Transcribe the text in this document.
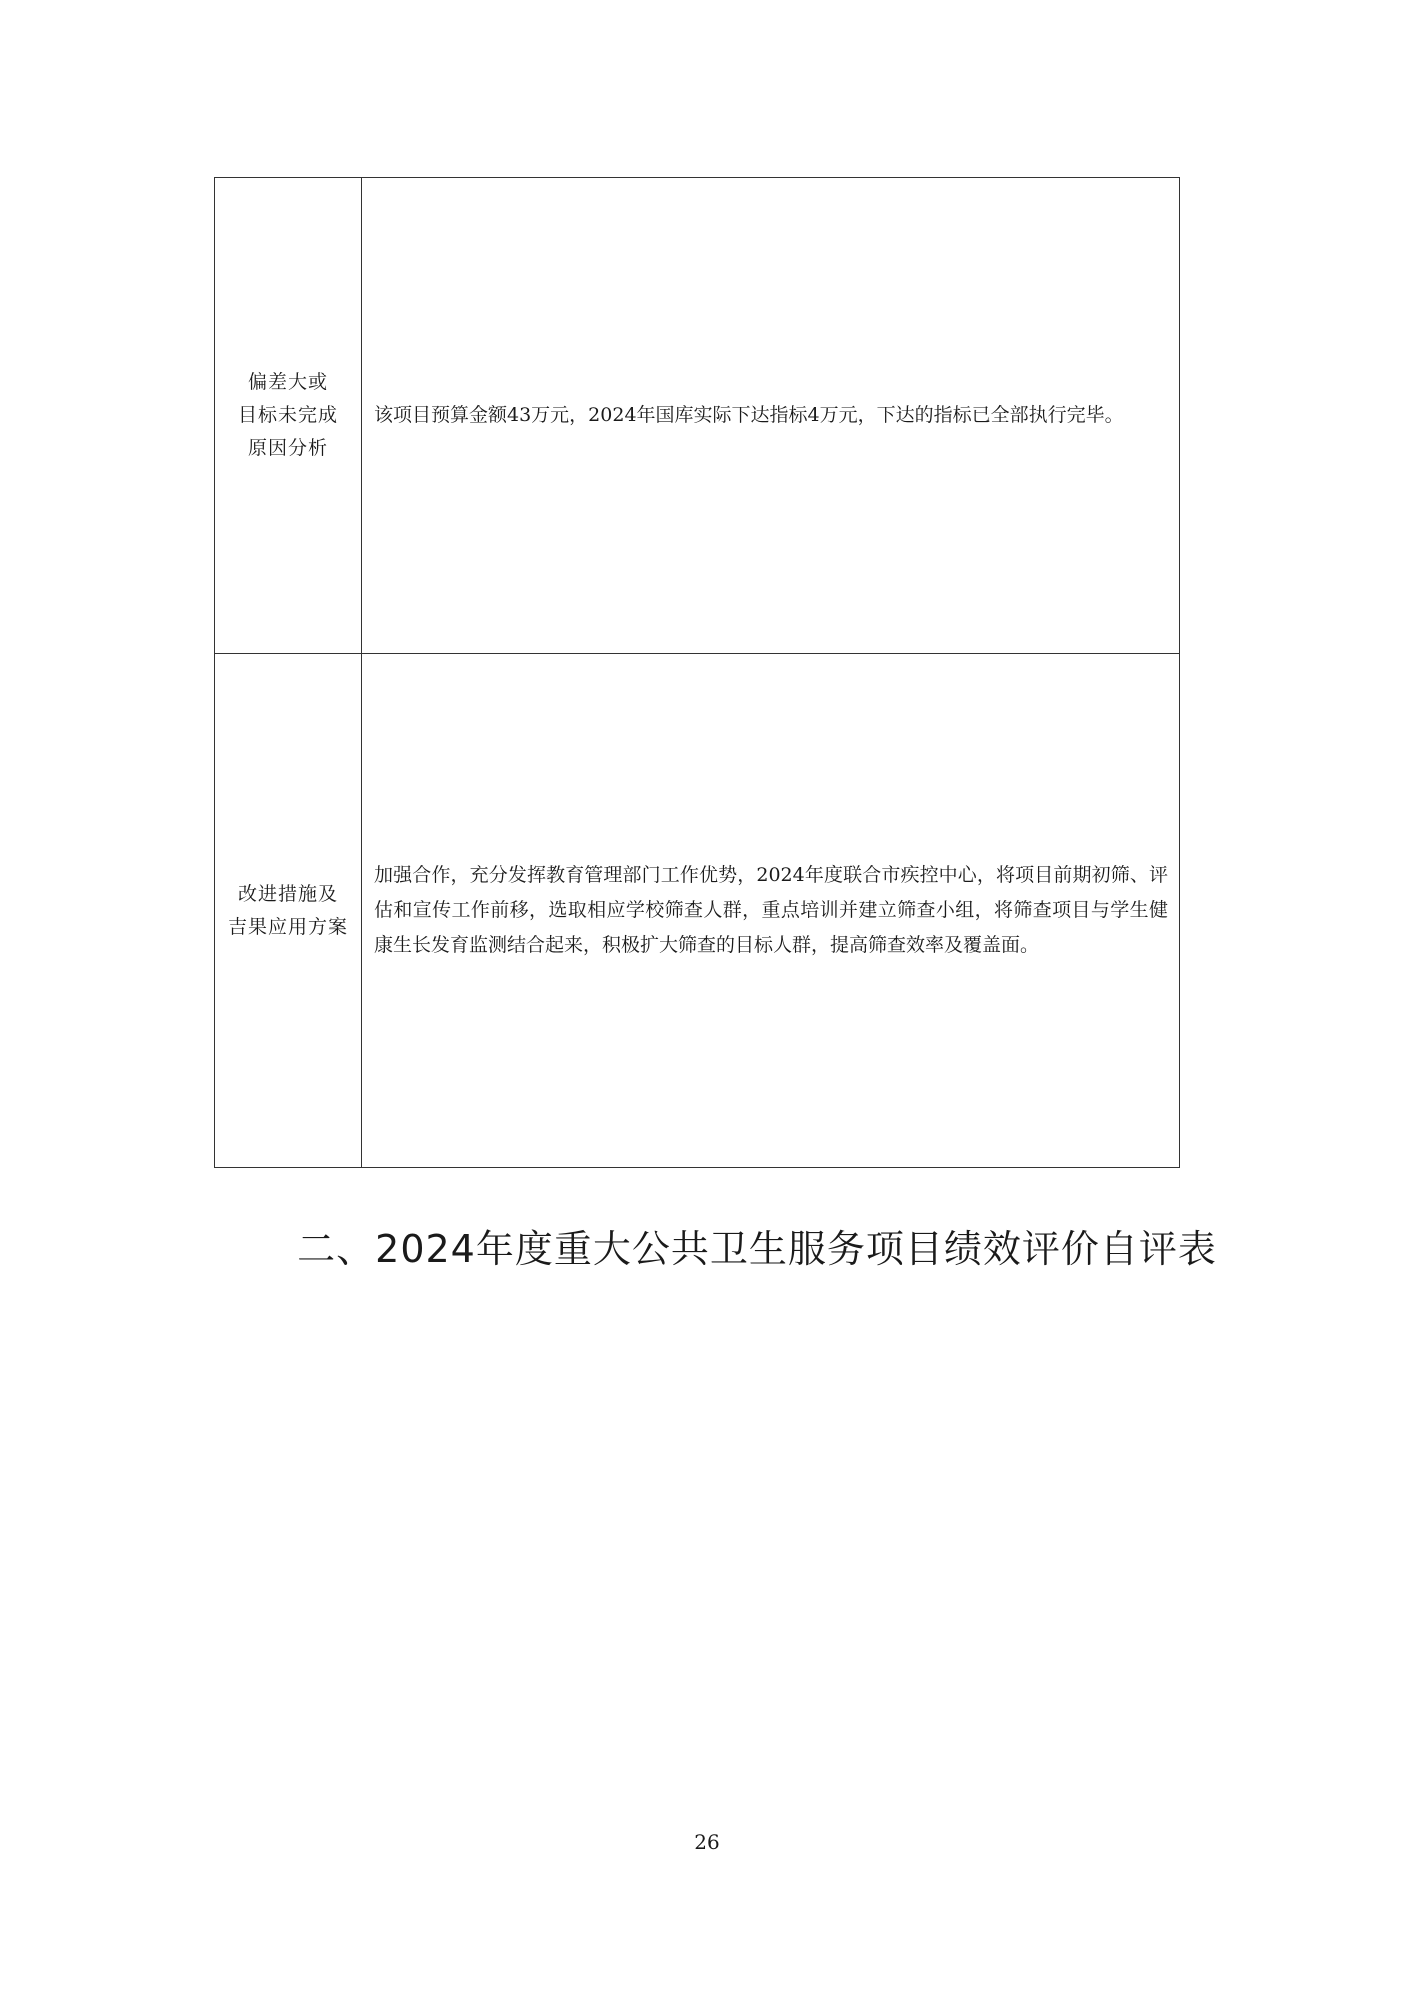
偏差大或
目标未完成
原因分析	该项目预算金额43万元，2024年国库实际下达指标4万元，下达的指标已全部执行完毕。

改进措施及
吉果应用方案	加强合作，充分发挥教育管理部门工作优势，2024年度联合市疾控中心，将项目前期初筛、评估和宣传工作前移，选取相应学校筛查人群，重点培训并建立筛查小组，将筛查项目与学生健康生长发育监测结合起来，积极扩大筛查的目标人群，提高筛查效率及覆盖面。
二、2024年度重大公共卫生服务项目绩效评价自评表
26
